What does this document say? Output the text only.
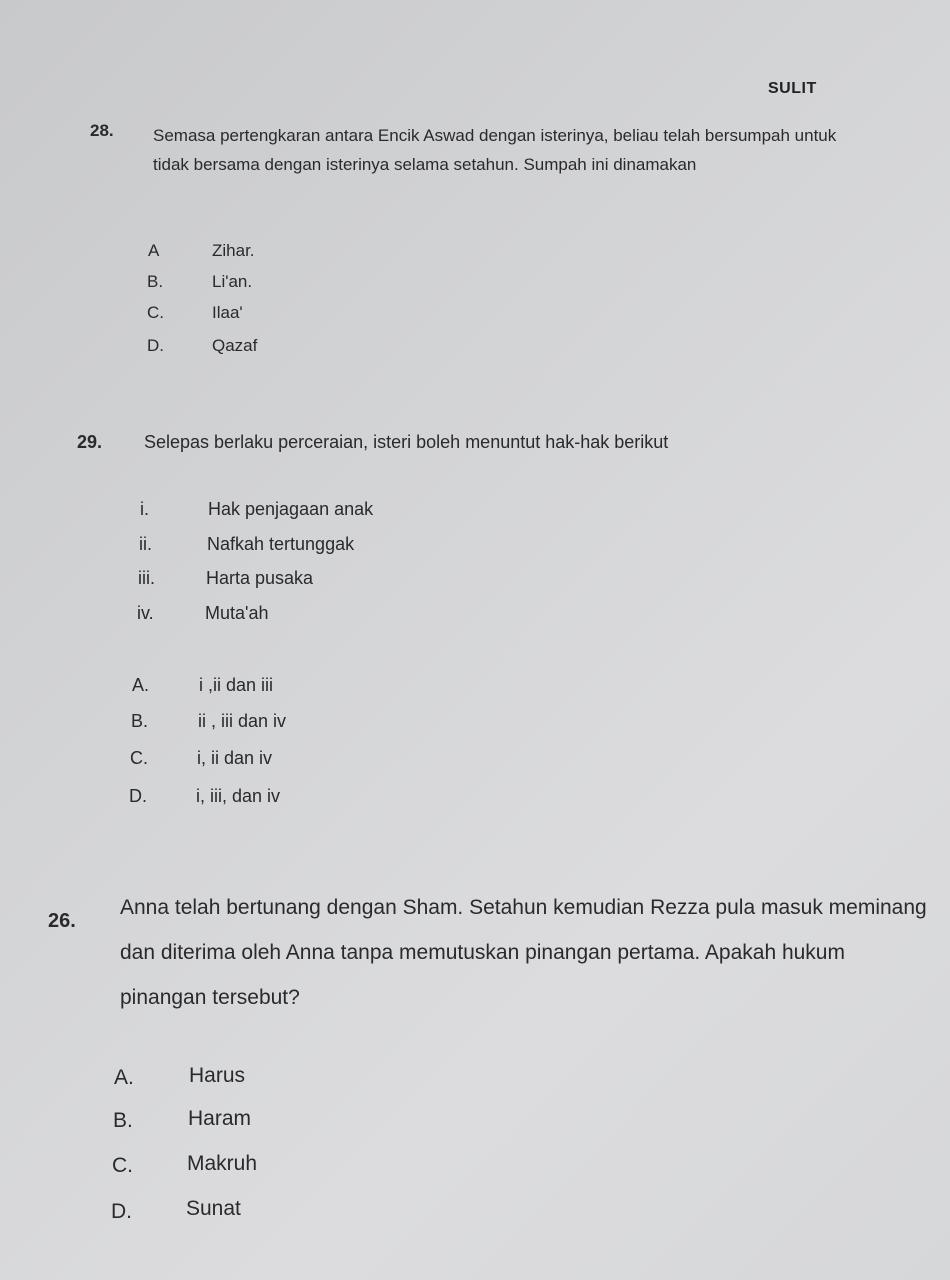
SULIT
28. Semasa pertengkaran antara Encik Aswad dengan isterinya, beliau telah bersumpah untuk tidak bersama dengan isterinya selama setahun. Sumpah ini dinamakan
A	Zihar.
B.	Li'an.
C.	Ilaa'
D.	Qazaf
29. Selepas berlaku perceraian, isteri boleh menuntut hak-hak berikut
i.	Hak penjagaan anak
ii.	Nafkah tertunggak
iii.	Harta pusaka
iv.	Muta'ah
A.	i ,ii dan iii
B.	ii , iii dan iv
C.	i, ii dan iv
D.	i, iii, dan iv
26.
Anna telah bertunang dengan Sham. Setahun kemudian Rezza pula masuk meminang dan diterima oleh Anna tanpa memutuskan pinangan pertama. Apakah hukum pinangan tersebut?
A.	Harus
B.	Haram
C.	Makruh
D.	Sunat
